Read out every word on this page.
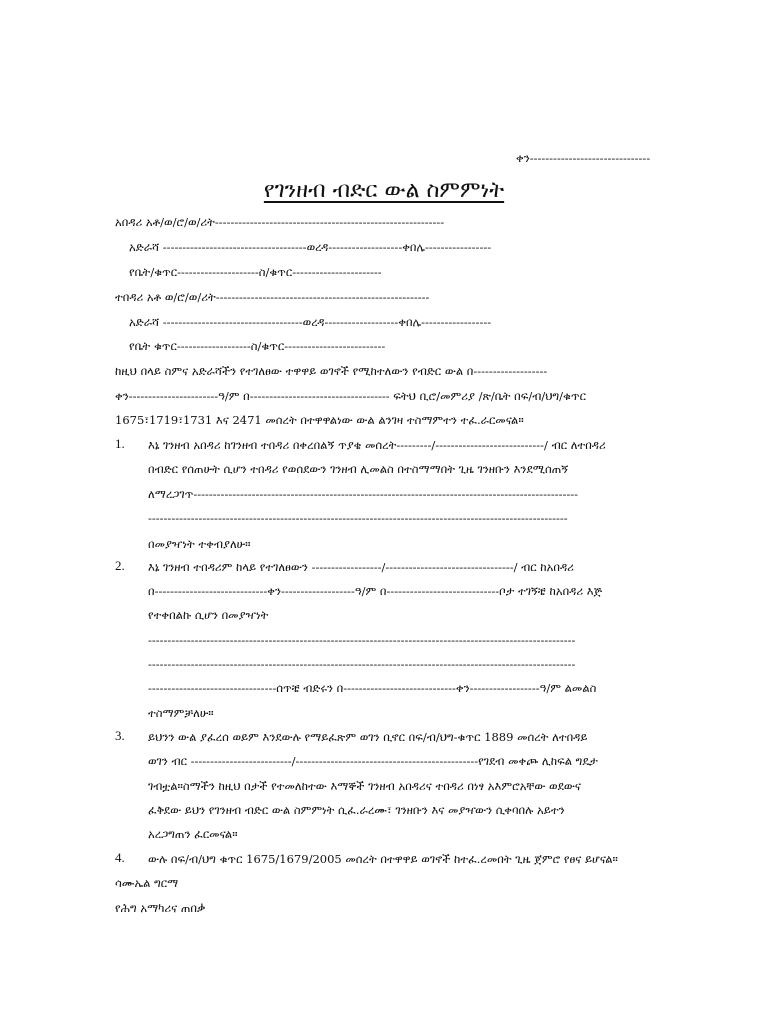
ቀን-------------------------------
የገንዘብ ብድር ውል ስምምነት
አበዳሪ አቶ/ወ/ሮ/ወ/ሪት-----------------------------------------------------------
አድራሻ -------------------------------------ወረዳ-------------------ቀበሌ-----------------
የቤት/ቁጥር---------------------ስ/ቁጥር-----------------------
ተበዳሪ አቶ ወ/ሮ/ወ/ሪት-------------------------------------------------------
አድራሻ ------------------------------------ወረዳ-------------------ቀበሌ------------------
የቤት ቁጥር-------------------ስ/ቁጥር--------------------------
ከዚህ በላይ ስምና አድራሻችን የተገለፀው ተዋዋይ ወገኖች የሚከተለውን የብድር ውል በ-------------------
ቀን-----------------------ዓ/ም በ------------------------------------ ፍትህ ቢሮ/መምሪያ /ጽ/ቤት በፍ/ብ/ህግ/ቁጥር
1675፣1719፣1731 እና 2471 መሰረት በተዋዋልነው ውል ልንገዛ ተስማምተን ተፈ.ራርመናል።
1. እኔ ገንዘብ አበዳሪ ከገንዘብ ተበዳሪ በቀረበልኝ ጥያቄ መሰረት---------/----------------------------/ ብር ለተበዳሪ
በብድር የሰጠሁት ሲሆን ተበዳሪ የወሰደውን ገንዘብ ሊመልስ በተስማማበት ጊዜ ገንዘቡን እንደሚሰጠኝ
ለማረጋገጥ---------------------------------------------------------------------------------------------------
------------------------------------------------------------------------------------------------------------
በመያዣነት ተቀብያለሁ።
2. እኔ ገንዘብ ተበዳሪም ከላይ የተገለፀውን ------------------/---------------------------------/ ብር ከአበዳሪ
በ-----------------------------ቀን-------------------ዓ/ም በ-----------------------------ቦታ ተገኝቼ ከአበዳሪ እጅ
የተቀበልኩ ሲሆን በመያዣነት
--------------------------------------------------------------------------------------------------------------
--------------------------------------------------------------------------------------------------------------
---------------------------------ሰጥቼ ብድሩን በ-----------------------------ቀን------------------ዓ/ም ልመልስ
ተስማምቻለሁ።
3. ይህንን ውል ያፈረሰ ወይም እንደውሉ የማይፈጽም ወገን ቢኖር በፍ/ብ/ህግ-ቁጥር 1889 መሰረት ለተበዳይ
ወገን ብር --------------------------/-----------------------------------------------የገደብ መቀጮ ሊከፍል ግዴታ
ገብቷል።ስማችን ከዚህ በታች የተመለከተው እማኞች ገንዘብ አበዳሪና ተበዳሪ በነፃ አእምሮአቸው ወደውና
ፈቅደው ይህን የገንዘብ ብድር ውል ስምምነት ሲፈ.ራረሙ፣ ገንዘቡን እና መያዣውን ሲቀባበሉ አይተን
አረጋግጠን ፈርመናል።
4. ውሉ በፍ/ብ/ህግ ቁጥር 1675/1679/2005 መሰረት በተዋዋይ ወገኖች ከተፈ.ረመበት ጊዜ ጀምሮ የፀና ይሆናል።
ሳሙኤል ግርማ
የሕግ አማካሪና ጠበቃ
